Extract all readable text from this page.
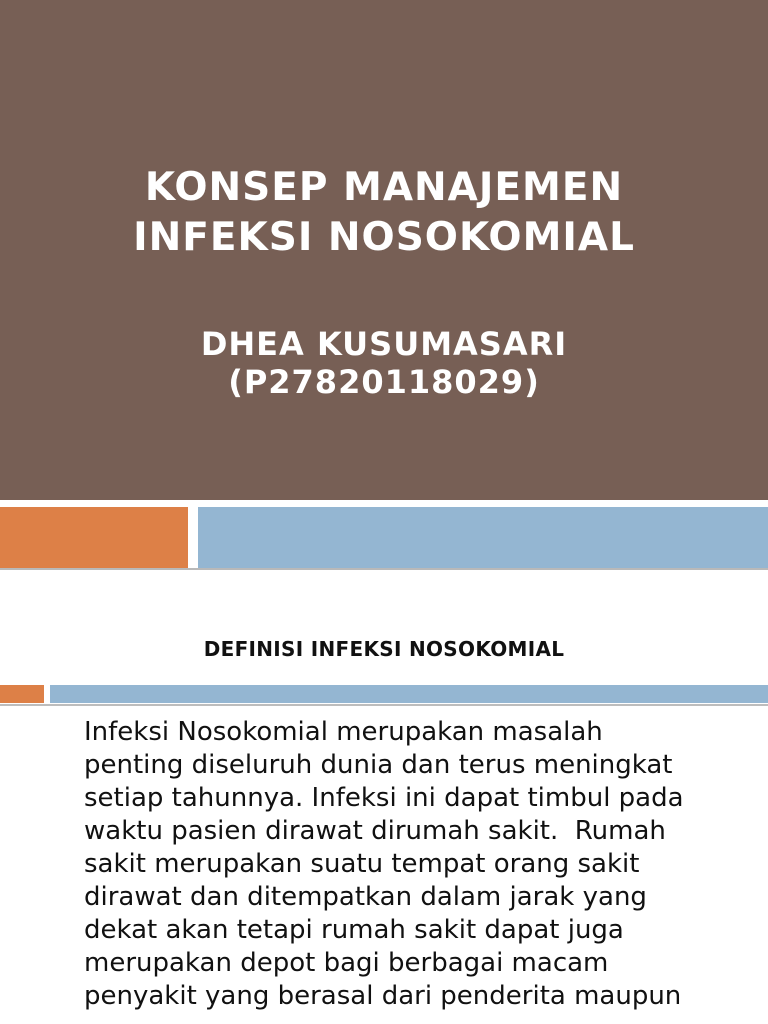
KONSEP MANAJEMEN
INFEKSI NOSOKOMIAL
DHEA KUSUMASARI
(P27820118029)
DEFINISI INFEKSI NOSOKOMIAL
Infeksi Nosokomial merupakan masalah
penting diseluruh dunia dan terus meningkat
setiap tahunnya. Infeksi ini dapat timbul pada
waktu pasien dirawat dirumah sakit.  Rumah
sakit merupakan suatu tempat orang sakit
dirawat dan ditempatkan dalam jarak yang
dekat akan tetapi rumah sakit dapat juga
merupakan depot bagi berbagai macam
penyakit yang berasal dari penderita maupun
